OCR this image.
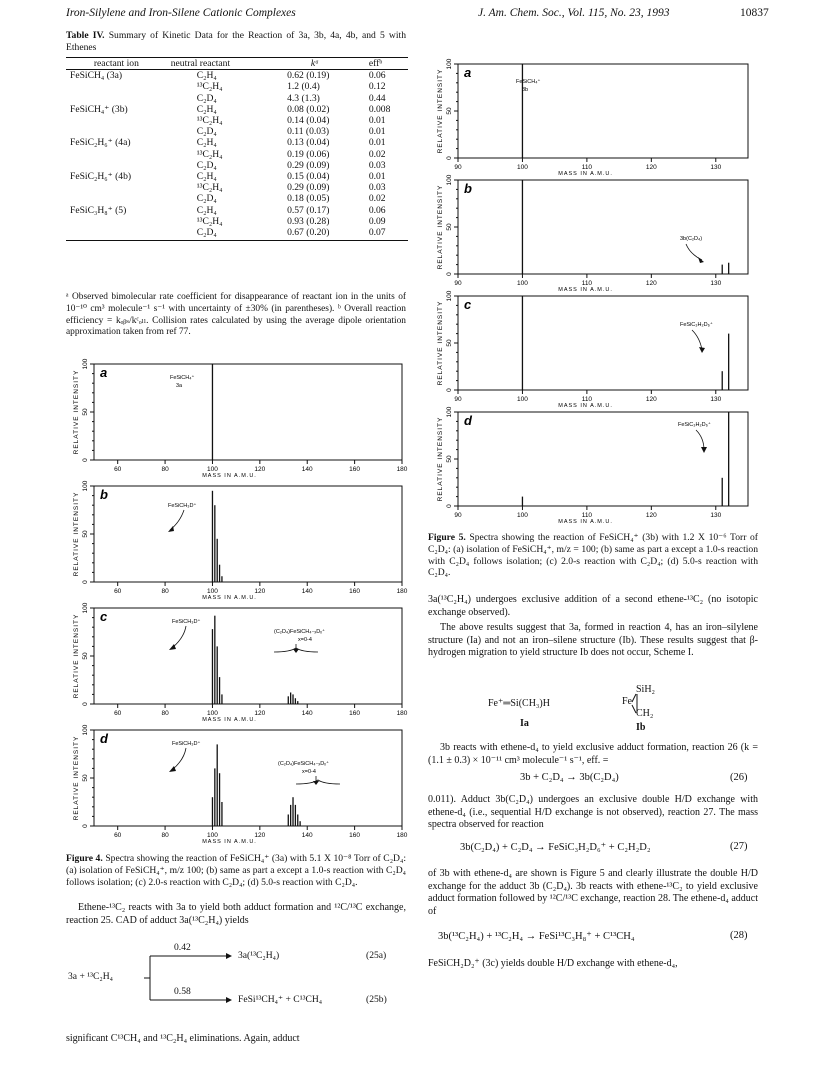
Iron-Silylene and Iron-Silene Cationic Complexes	J. Am. Chem. Soc., Vol. 115, No. 23, 1993	10837
Table IV. Summary of Kinetic Data for the Reaction of 3a, 3b, 4a, 4b, and 5 with Ethenes
reactant ion	neutral reactant	kᵃ	effᵇ
FeSiCH₄ (3a)	C₂H₄	0.62 (0.19)	0.06
	¹³C₂H₄	1.2 (0.4)	0.12
	C₂D₄	4.3 (1.3)	0.44
FeSiCH₄⁺ (3b)	C₂H₄	0.08 (0.02)	0.008
	¹³C₂H₄	0.14 (0.04)	0.01
	C₂D₄	0.11 (0.03)	0.01
FeSiC₂H₆⁺ (4a)	C₂H₄	0.13 (0.04)	0.01
	¹³C₂H₄	0.19 (0.06)	0.02
	C₂D₄	0.29 (0.09)	0.03
FeSiC₂H₆⁺ (4b)	C₂H₄	0.15 (0.04)	0.01
	¹³C₂H₄	0.29 (0.09)	0.03
	C₂D₄	0.18 (0.05)	0.02
FeSiC₃H₈⁺ (5)	C₂H₄	0.57 (0.17)	0.06
	¹³C₂H₄	0.93 (0.28)	0.09
	C₂D₄	0.67 (0.20)	0.07
ᵃ Observed bimolecular rate coefficient for disappearance of reactant ion in the units of 10⁻¹⁰ cm³ molecule⁻¹ s⁻¹ with uncertainty of ±30% (in parentheses). ᵇ Overall reaction efficiency = kₒᵦₛ/kᶜₒₗₗ. Collision rates calculated by using the average dipole orientation approximation taken from ref 77.
0
50
100
RELATIVE INTENSITY
60	80	100	120	140	160	180
MASS IN A.M.U.
a	FeSiCH₄⁺
3a
0
50
100
RELATIVE INTENSITY
60	80	100	120	140	160	180
MASS IN A.M.U.
b
FeSiCH₃D⁺
0
50
100
RELATIVE INTENSITY
60	80	100	120	140	160	180
MASS IN A.M.U.
c	FeSiCH₃D⁺
(C₂D₄)FeSiCH₄₋ₓDₓ⁺
x=0-4
0
50
100
RELATIVE INTENSITY
60	80	100	120	140	160	180
MASS IN A.M.U.
d	FeSiCH₃D⁺
(C₂D₄)FeSiCH₄₋ₓDₓ⁺
x=0-4
Figure 4. Spectra showing the reaction of FeSiCH₄⁺ (3a) with 5.1 X 10⁻⁸ Torr of C₂D₄: (a) isolation of FeSiCH₄⁺, m/z 100; (b) same as part a except a 1.0-s reaction with C₂D₄ follows isolation; (c) 2.0-s reaction with C₂D₄; (d) 5.0-s reaction with C₂D₄.
Ethene-¹³C₂ reacts with 3a to yield both adduct formation and ¹²C/¹³C exchange, reaction 25. CAD of adduct 3a(¹³C₂H₄) yields
3a + ¹³C₂H₄
0.42
3a(¹³C₂H₄)	(25a)
0.58
FeSi¹³CH₄⁺ + C¹³CH₄	(25b)
significant C¹³CH₄ and ¹³C₂H₄ eliminations. Again, adduct
0
50
100
RELATIVE INTENSITY
90	100	110	120	130
MASS IN A.M.U.
a
FeSiCH₄⁺
3b
0
50
100
RELATIVE INTENSITY
90	100	110	120	130
MASS IN A.M.U.
b
3b(C₂D₄)
0
50
100
RELATIVE INTENSITY
90	100	110	120	130
MASS IN A.M.U.
c
FeSiC₃H₂D₆⁺
0
50
100
RELATIVE INTENSITY
90	100	110	120	130
MASS IN A.M.U.
d	FeSiC₃H₂D₆⁺
Figure 5. Spectra showing the reaction of FeSiCH₄⁺ (3b) with 1.2 X 10⁻⁶ Torr of C₂D₄: (a) isolation of FeSiCH₄⁺, m/z = 100; (b) same as part a except a 1.0-s reaction with C₂D₄ follows isolation; (c) 2.0-s reaction with C₂D₄; (d) 5.0-s reaction with C₂D₄.
3a(¹³C₂H₄) undergoes exclusive addition of a second ethene-¹³C₂ (no isotopic exchange observed).
The above results suggest that 3a, formed in reaction 4, has an iron–silylene structure (Ia) and not an iron–silene structure (Ib). These results suggest that β-hydrogen migration to yield structure Ib does not occur, Scheme I.
Fe⁺═Si(CH₃)H
Ia
SiH₂
Fe
CH₂
Ib
3b reacts with ethene-d₄ to yield exclusive adduct formation, reaction 26 (k = (1.1 ± 0.3) × 10⁻¹¹ cm³ molecule⁻¹ s⁻¹, eff. =
3b + C₂D₄ → 3b(C₂D₄)	(26)
0.011). Adduct 3b(C₂D₄) undergoes an exclusive double H/D exchange with ethene-d₄ (i.e., sequential H/D exchange is not observed), reaction 27. The mass spectra observed for reaction
3b(C₂D₄) + C₂D₄ → FeSiC₃H₂D₆⁺ + C₂H₂D₂	(27)
of 3b with ethene-d₄ are shown is Figure 5 and clearly illustrate the double H/D exchange for the adduct 3b (C₂D₄). 3b reacts with ethene-¹³C₂ to yield exclusive adduct formation followed by ¹²C/¹³C exchange, reaction 28. The ethene-d₄ adduct of
3b(¹³C₂H₄) + ¹³C₂H₄ → FeSi¹³C₃H₈⁺ + C¹³CH₄	(28)
FeSiCH₂D₂⁺ (3c) yields double H/D exchange with ethene-d₄,
